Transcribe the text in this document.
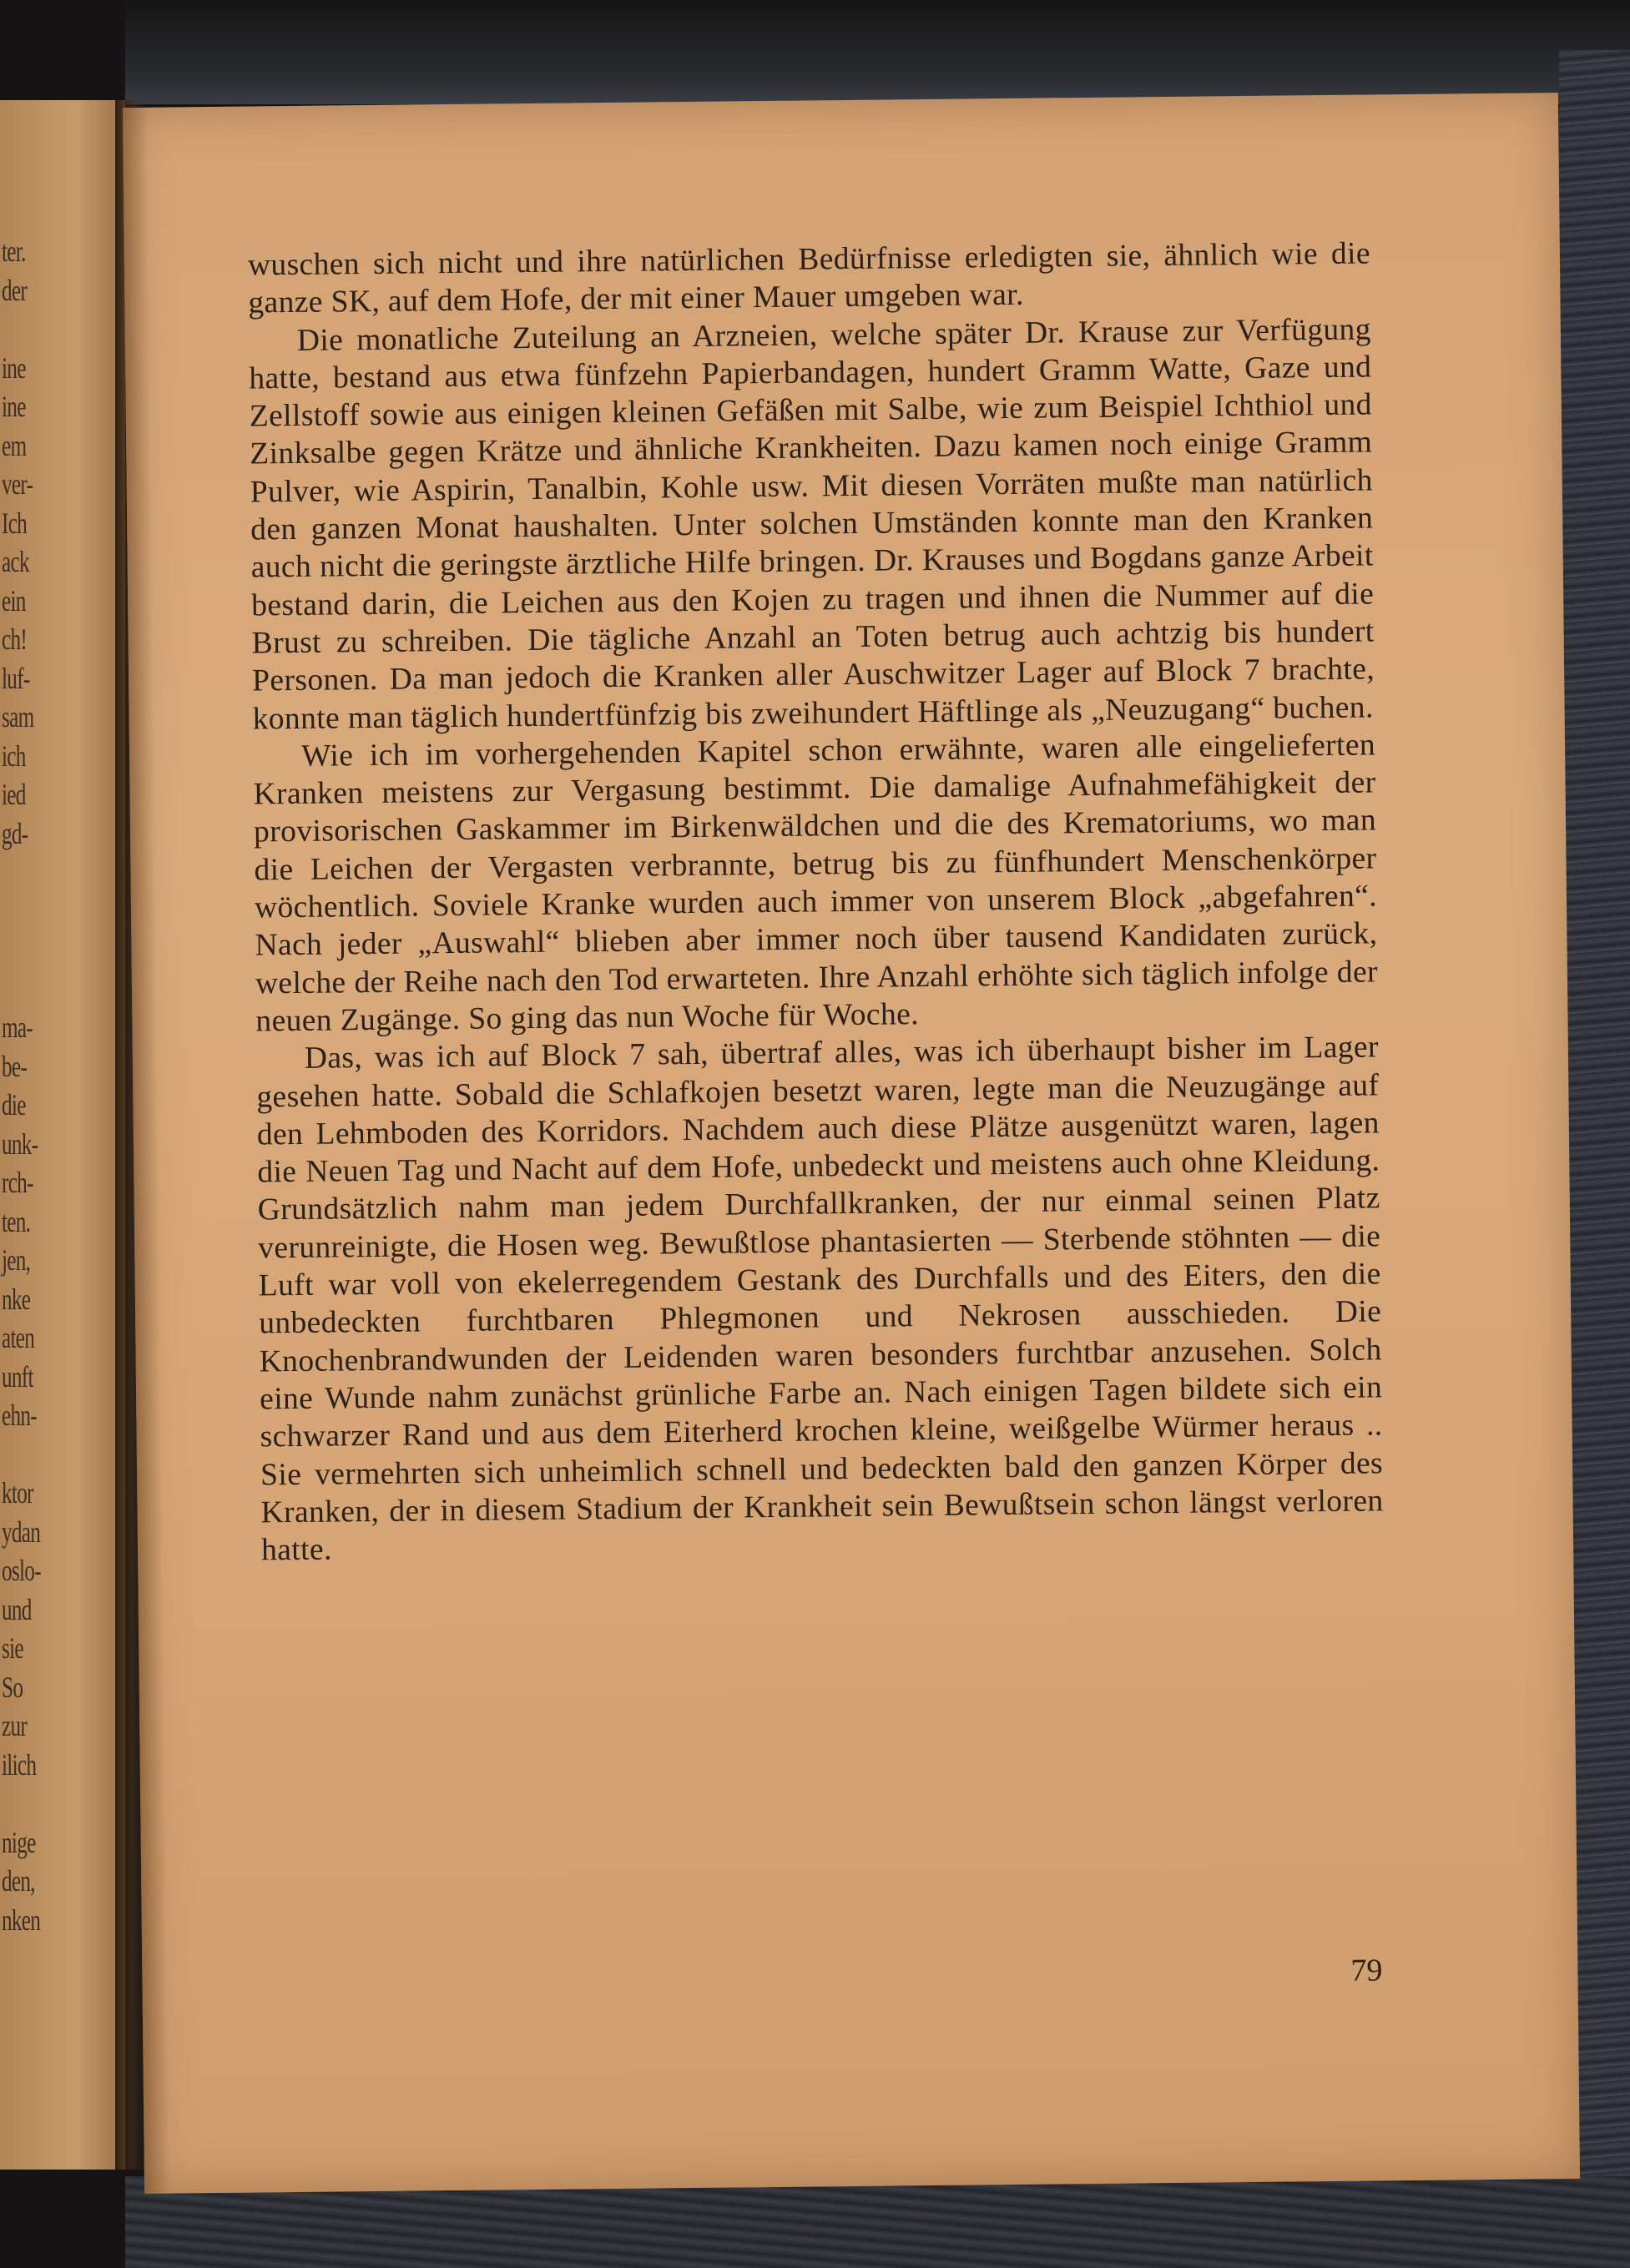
ter.
der
ine
ine
em
ver-
Ich
ack
ein
ch!
luf-
sam
ich
ied
gd-
ma-
be-
die
unk-
rch-
ten.
jen,
nke
aten
unft
ehn-
ktor
ydan
oslo-
und
sie
So
zur
ilich
nige
den,
nken

wuschen sich nicht und ihre natürlichen Bedürfnisse erledigten sie, ähnlich wie die ganze SK, auf dem Hofe, der mit einer Mauer umgeben war.

Die monatliche Zuteilung an Arzneien, welche später Dr. Krause zur Verfügung hatte, bestand aus etwa fünfzehn Papierbandagen, hundert Gramm Watte, Gaze und Zellstoff sowie aus einigen kleinen Gefäßen mit Salbe, wie zum Beispiel Ichthiol und Zinksalbe gegen Krätze und ähnliche Krankheiten. Dazu kamen noch einige Gramm Pulver, wie Aspirin, Tanalbin, Kohle usw. Mit diesen Vorräten mußte man natürlich den ganzen Monat haushalten. Unter solchen Umständen konnte man den Kranken auch nicht die geringste ärztliche Hilfe bringen. Dr. Krauses und Bogdans ganze Arbeit bestand darin, die Leichen aus den Kojen zu tragen und ihnen die Nummer auf die Brust zu schreiben. Die tägliche Anzahl an Toten betrug auch achtzig bis hundert Personen. Da man jedoch die Kranken aller Auschwitzer Lager auf Block 7 brachte, konnte man täglich hundertfünfzig bis zweihundert Häftlinge als „Neuzugang“ buchen.

Wie ich im vorhergehenden Kapitel schon erwähnte, waren alle eingelieferten Kranken meistens zur Vergasung bestimmt. Die damalige Aufnahmefähigkeit der provisorischen Gaskammer im Birkenwäldchen und die des Krematoriums, wo man die Leichen der Vergasten verbrannte, betrug bis zu fünfhundert Menschenkörper wöchentlich. Soviele Kranke wurden auch immer von unserem Block „abgefahren“. Nach jeder „Auswahl“ blieben aber immer noch über tausend Kandidaten zurück, welche der Reihe nach den Tod erwarteten. Ihre Anzahl erhöhte sich täglich infolge der neuen Zugänge. So ging das nun Woche für Woche.

Das, was ich auf Block 7 sah, übertraf alles, was ich überhaupt bisher im Lager gesehen hatte. Sobald die Schlafkojen besetzt waren, legte man die Neuzugänge auf den Lehmboden des Korridors. Nachdem auch diese Plätze ausgenützt waren, lagen die Neuen Tag und Nacht auf dem Hofe, unbedeckt und meistens auch ohne Kleidung. Grundsätzlich nahm man jedem Durchfallkranken, der nur einmal seinen Platz verunreinigte, die Hosen weg. Bewußtlose phantasierten — Sterbende stöhnten — die Luft war voll von ekelerregendem Gestank des Durchfalls und des Eiters, den die unbedeckten furchtbaren Phlegmonen und Nekrosen ausschieden. Die Knochenbrandwunden der Leidenden waren besonders furchtbar anzusehen. Solch eine Wunde nahm zunächst grünliche Farbe an. Nach einigen Tagen bildete sich ein schwarzer Rand und aus dem Eiterherd krochen kleine, weißgelbe Würmer heraus .. Sie vermehrten sich unheimlich schnell und bedeckten bald den ganzen Körper des Kranken, der in diesem Stadium der Krankheit sein Bewußtsein schon längst verloren hatte.

79
